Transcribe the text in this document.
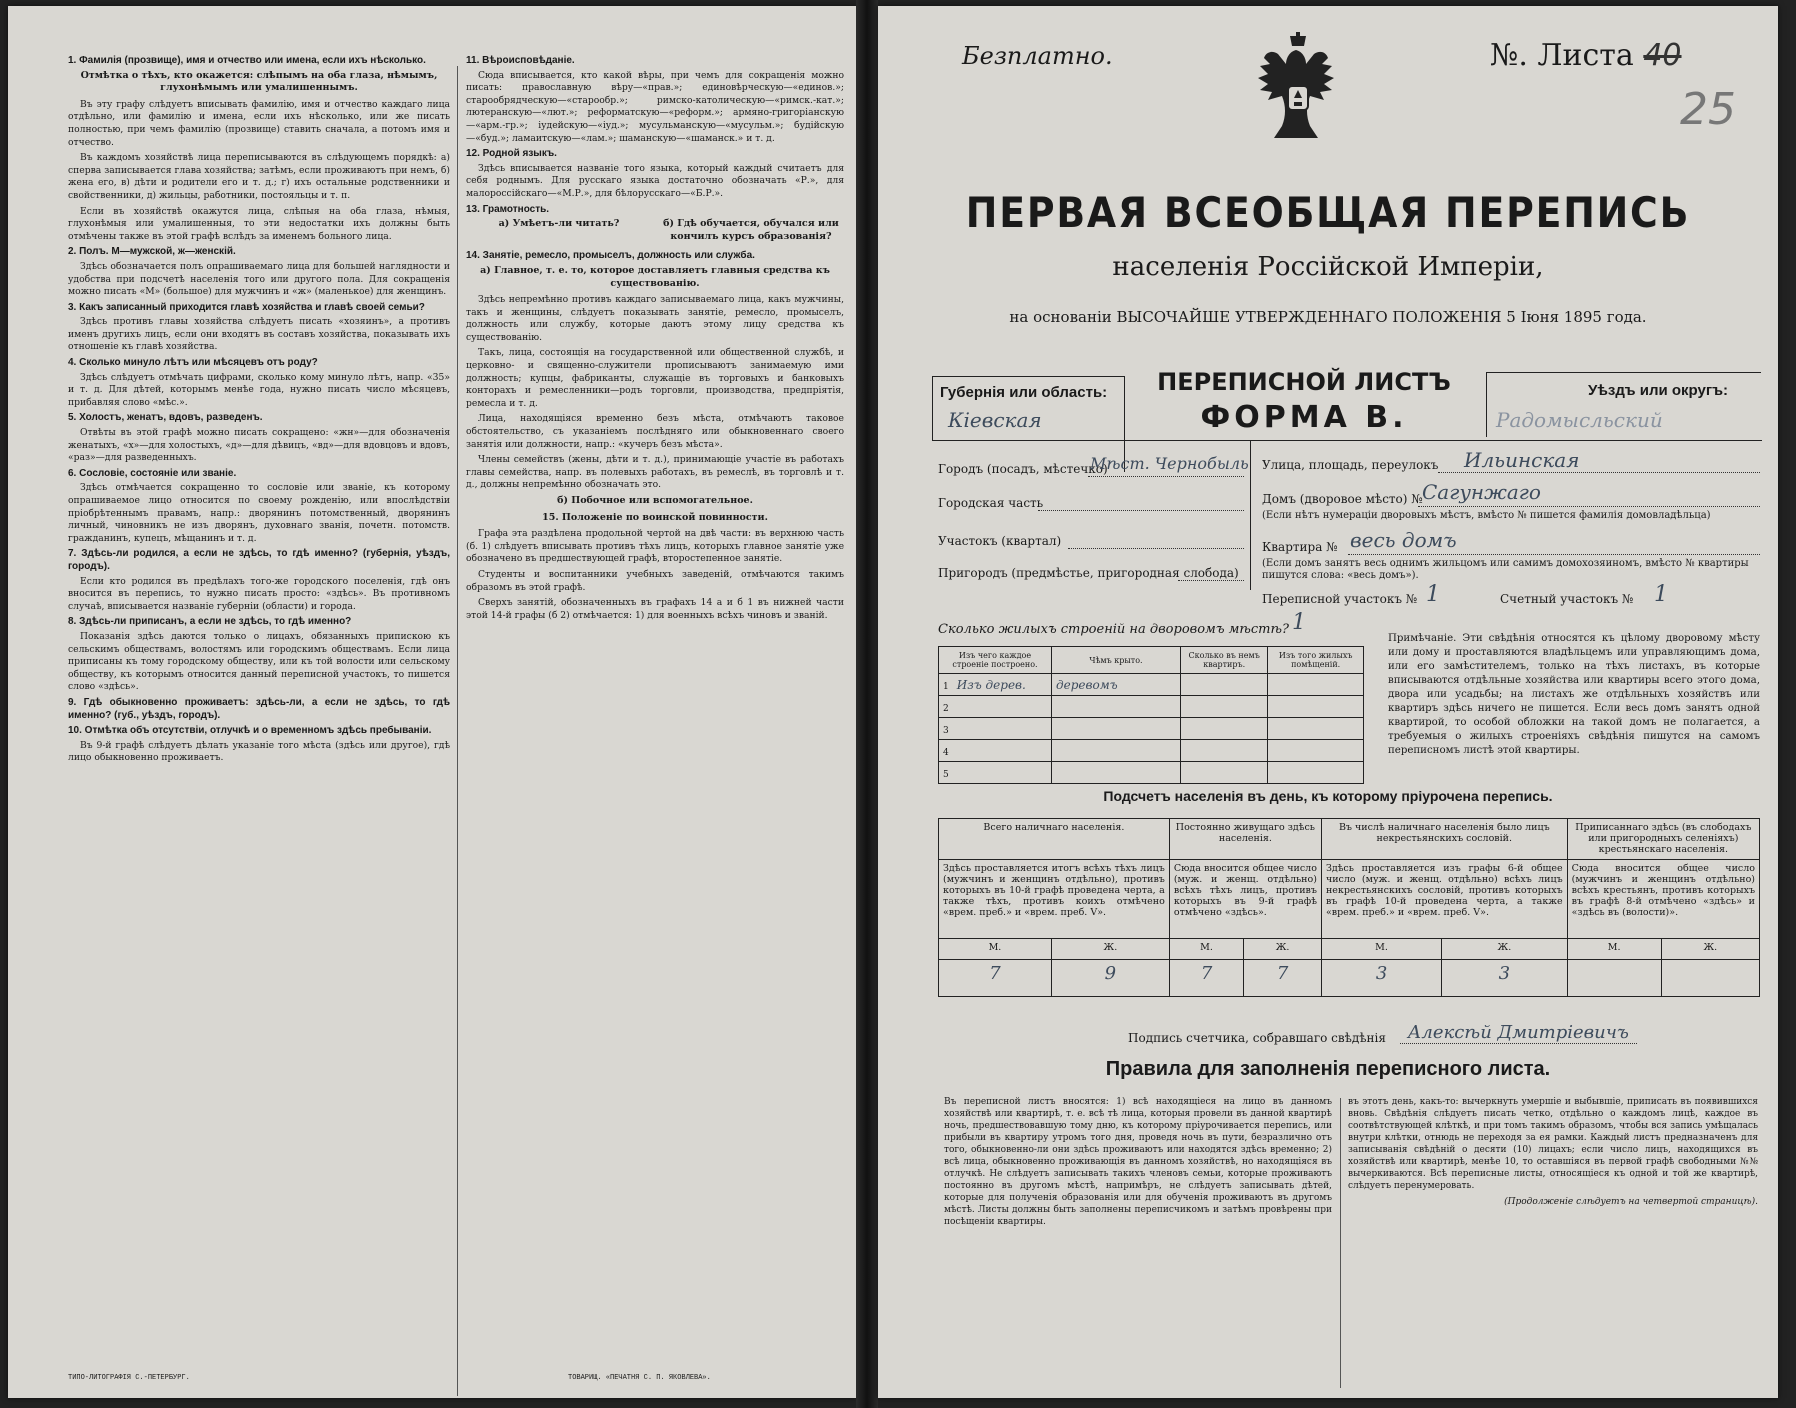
1. Фамилія (прозвище), имя и отчество или имена, если ихъ нѣсколько.
Отмѣтка о тѣхъ, кто окажется: слѣпымъ на оба глаза, нѣмымъ, глухонѣмымъ или умалишеннымъ.

Въ эту графу слѣдуетъ вписывать фамилію, имя и отчество каждаго лица отдѣльно, или фамилію и имена, если ихъ нѣсколько, или же писать полностью, при чемъ фамилію (прозвище) ставить сначала, а потомъ имя и отчество.

Въ каждомъ хозяйствѣ лица переписываются въ слѣдующемъ порядкѣ: а) сперва записывается глава хозяйства; затѣмъ, если проживаютъ при немъ, б) жена его, в) дѣти и родители его и т. д.; г) ихъ остальные родственники и свойственники, д) жильцы, работники, постояльцы и т. п.

Если въ хозяйствѣ окажутся лица, слѣпыя на оба глаза, нѣмыя, глухонѣмыя или умалишенныя, то эти недостатки ихъ должны быть отмѣчены также въ этой графѣ вслѣдъ за именемъ больного лица.

2. Полъ. М—мужской, ж—женскій.

Здѣсь обозначается полъ опрашиваемаго лица для большей наглядности и удобства при подсчетѣ населенія того или другого пола. Для сокращенія можно писать «М» (большое) для мужчинъ и «ж» (маленькое) для женщинъ.

3. Какъ записанный приходится главѣ хозяйства и главѣ своей семьи?

Здѣсь противъ главы хозяйства слѣдуетъ писать «хозяинъ», а противъ именъ другихъ лицъ, если они входятъ въ составъ хозяйства, показывать ихъ отношеніе къ главѣ хозяйства.

4. Сколько минуло лѣтъ или мѣсяцевъ отъ роду?

Здѣсь слѣдуетъ отмѣчать цифрами, сколько кому минуло лѣтъ, напр. «35» и т. д. Для дѣтей, которымъ менѣе года, нужно писать число мѣсяцевъ, прибавляя слово «мѣс.».

5. Холостъ, женатъ, вдовъ, разведенъ.

Отвѣты въ этой графѣ можно писать сокращено: «жн»—для обозначенія женатыхъ, «х»—для холостыхъ, «д»—для дѣвицъ, «вд»—для вдовцовъ и вдовъ, «раз»—для разведенныхъ.

6. Сословіе, состояніе или званіе.

Здѣсь отмѣчается сокращенно то сословіе или званіе, къ которому опрашиваемое лицо относится по своему рожденію, или впослѣдствіи пріобрѣтеннымъ правамъ, напр.: дворянинъ потомственный, дворянинъ личный, чиновникъ не изъ дворянъ, духовнаго званія, почетн. потомств. гражданинъ, купецъ, мѣщанинъ и т. д.

7. Здѣсь-ли родился, а если не здѣсь, то гдѣ именно? (губернія, уѣздъ, городъ).

Если кто родился въ предѣлахъ того-же городского поселенія, гдѣ онъ вносится въ перепись, то нужно писать просто: «здѣсь». Въ противномъ случаѣ, вписывается названіе губерніи (области) и города.

8. Здѣсь-ли приписанъ, а если не здѣсь, то гдѣ именно?

Показанія здѣсь даются только о лицахъ, обязанныхъ припискою къ сельскимъ обществамъ, волостямъ или городскимъ обществамъ. Если лица приписаны къ тому городскому обществу, или къ той волости или сельскому обществу, къ которымъ относится данный переписной участокъ, то пишется слово «здѣсь».

9. Гдѣ обыкновенно проживаетъ: здѣсь-ли, а если не здѣсь, то гдѣ именно? (губ., уѣздъ, городъ).
10. Отмѣтка объ отсутствіи, отлучкѣ и о временномъ здѣсь пребываніи.

Въ 9-й графѣ слѣдуетъ дѣлать указаніе того мѣста (здѣсь или другое), гдѣ лицо обыкновенно проживаетъ.

11. Вѣроисповѣданіе.

Сюда вписывается, кто какой вѣры, при чемъ для сокращенія можно писать: православную вѣру—«прав.»; единовѣрческую—«единов.»; старообрядческую—«старообр.»; римско-католическую—«римск.-кат.»; лютеранскую—«лют.»; реформатскую—«реформ.»; армяно-григоріанскую—«арм.-гр.»; іудейскую—«іуд.»; мусульманскую—«мусульм.»; будійскую—«буд.»; ламаитскую—«лам.»; шаманскую—«шаманск.» и т. д.

12. Родной языкъ.

Здѣсь вписывается названіе того языка, который каждый считаетъ для себя роднымъ. Для русскаго языка достаточно обозначать «Р.», для малороссійскаго—«М.Р.», для бѣлорусскаго—«Б.Р.».

13. Грамотность.
а) Умѣетъ-ли читать?	б) Гдѣ обучается, обучался или кончилъ курсъ образованія?
14. Занятіе, ремесло, промыселъ, должность или служба.
а) Главное, т. е. то, которое доставляетъ главныя средства къ существованію.

Здѣсь непремѣнно противъ каждаго записываемаго лица, какъ мужчины, такъ и женщины, слѣдуетъ показывать занятіе, ремесло, промыселъ, должность или службу, которые даютъ этому лицу средства къ существованію.

Такъ, лица, состоящія на государственной или общественной службѣ, и церковно- и священно-служители прописываютъ занимаемую ими должность; купцы, фабриканты, служащіе въ торговыхъ и банковыхъ конторахъ и ремесленники—родъ торговли, производства, предпріятія, ремесла и т. д.

Лица, находящіяся временно безъ мѣста, отмѣчаютъ таковое обстоятельство, съ указаніемъ послѣдняго или обыкновеннаго своего занятія или должности, напр.: «кучеръ безъ мѣста».

Члены семействъ (жены, дѣти и т. д.), принимающіе участіе въ работахъ главы семейства, напр. въ полевыхъ работахъ, въ ремеслѣ, въ торговлѣ и т. д., должны непремѣнно обозначать это.

б) Побочное или вспомогательное.
15. Положеніе по воинской повинности.

Графа эта раздѣлена продольной чертой на двѣ части: въ верхнюю часть (б. 1) слѣдуетъ вписывать противъ тѣхъ лицъ, которыхъ главное занятіе уже обозначено въ предшествующей графѣ, второстепенное занятіе.

Студенты и воспитанники учебныхъ заведеній, отмѣчаются такимъ образомъ въ этой графѣ.

Сверхъ занятій, обозначенныхъ въ графахъ 14 а и б 1 въ нижней части этой 14-й графы (б 2) отмѣчается: 1) для военныхъ всѣхъ чиновъ и званій.

ТИПО-ЛИТОГРАФІЯ С.-ПЕТЕРБУРГ.	ТОВАРИЩ. «ПЕЧАТНЯ С. П. ЯКОВЛЕВА».
Безплатно.	№. Листа 40
25
ПЕРВАЯ ВСЕОБЩАЯ ПЕРЕПИСЬ
населенія Россійской Имперіи,
на основаніи ВЫСОЧАЙШЕ УТВЕРЖДЕННАГО ПОЛОЖЕНІЯ 5 Іюня 1895 года.
Губернія или область:
Кiевская
ПЕРЕПИСНОЙ ЛИСТЪ
ФОРМА В.
Уѣздъ или округъ:
Радомысльский
Городъ (посадъ, мѣстечко)
Мѣст. Чернобыль
Городская часть
Участокъ (квартал)
Пригородъ (предмѣстье, пригородная слобода)
Улица, площадь, переулокъ Ильинская
Домъ (дворовое мѣсто) № Сагунжаго
(Если нѣтъ нумераціи дворовыхъ мѣстъ, вмѣсто № пишется фамилія домовладѣльца)
Квартира № весь домъ
(Если домъ занятъ весь однимъ жильцомъ или самимъ домохозяиномъ, вмѣсто № квартиры пишутся слова: «весь домъ»).
Переписной участокъ № 1	Счетный участокъ № 1
Сколько жилыхъ строеній на дворовомъ мѣстѣ? 1
Изъ чего каждое строеніе построено.	Чѣмъ крыто.	Сколько въ немъ квартиръ.	Изъ того жилыхъ помѣщеній.
1 Изъ дерев.	деревомъ		
2			
3			
4			
5			
Примѣчаніе. Эти свѣдѣнія относятся къ цѣлому дворовому мѣсту или дому и проставляются владѣльцемъ или управляющимъ дома, или его замѣстителемъ, только на тѣхъ листахъ, въ которые вписываются отдѣльные хозяйства или квартиры всего этого дома, двора или усадьбы; на листахъ же отдѣльныхъ хозяйствъ или квартиръ здѣсь ничего не пишется. Если весь домъ занятъ одной квартирой, то особой обложки на такой домъ не полагается, а требуемыя о жилыхъ строеніяхъ свѣдѣнія пишутся на самомъ переписномъ листѣ этой квартиры.
Подсчетъ населенія въ день, къ которому пріурочена перепись.
Всего наличнаго населенія.		Постоянно живущаго здѣсь населенія.		Въ числѣ наличнаго населенія было лицъ некрестьянскихъ сословій.		Приписаннаго здѣсь (въ слободахъ или пригородныхъ селеніяхъ) крестьянскаго населенія.	
Здѣсь проставляется итогъ всѣхъ тѣхъ лицъ (мужчинъ и женщинъ отдѣльно), противъ которыхъ въ 10-й графѣ проведена черта, а также тѣхъ, противъ коихъ отмѣчено «врем. преб.» и «врем. преб. V».		Сюда вносится общее число (муж. и женщ. отдѣльно) всѣхъ тѣхъ лицъ, противъ которыхъ въ 9-й графѣ отмѣчено «здѣсь».		Здѣсь проставляется изъ графы 6-й общее число (муж. и женщ. отдѣльно) всѣхъ лицъ некрестьянскихъ сословій, противъ которыхъ въ графѣ 10-й проведена черта, а также «врем. преб.» и «врем. преб. V».		Сюда вносится общее число (мужчинъ и женщинъ отдѣльно) всѣхъ крестьянъ, противъ которыхъ въ графѣ 8-й отмѣчено «здѣсь» и «здѣсь въ (волости)».	
М.	Ж.	М.	Ж.	М.	Ж.	М.	Ж.
7	9	7	7	3	3		
Подпись счетчика, собравшаго свѣдѣнія Алексѣй Дмитріевичъ
Правила для заполненія переписного листа.
Въ переписной листъ вносятся: 1) всѣ находящіеся на лицо въ данномъ хозяйствѣ или квартирѣ, т. е. всѣ тѣ лица, которыя провели въ данной квартирѣ ночь, предшествовавшую тому дню, къ которому пріурочивается перепись, или прибыли въ квартиру утромъ того дня, проведя ночь въ пути, безразлично отъ того, обыкновенно-ли они здѣсь проживаютъ или находятся здѣсь временно; 2) всѣ лица, обыкновенно проживающія въ данномъ хозяйствѣ, но находящіяся въ отлучкѣ. Не слѣдуетъ записывать такихъ членовъ семьи, которые проживаютъ постоянно въ другомъ мѣстѣ, напримѣръ, не слѣдуетъ записывать дѣтей, которые для полученія образованія или для обученія проживаютъ въ другомъ мѣстѣ. Листы должны быть заполнены переписчикомъ и затѣмъ провѣрены при посѣщеніи квартиры.
въ этотъ день, какъ-то: вычеркнуть умершіе и выбывшіе, приписать въ появившихся вновь. Свѣдѣнія слѣдуетъ писать четко, отдѣльно о каждомъ лицѣ, каждое въ соотвѣтствующей клѣткѣ, и при томъ такимъ образомъ, чтобы вся запись умѣщалась внутри клѣтки, отнюдь не переходя за ея рамки. Каждый листъ предназначенъ для записыванія свѣдѣній о десяти (10) лицахъ; если число лицъ, находящихся въ хозяйствѣ или квартирѣ, менѣе 10, то оставшіяся въ первой графѣ свободными №№ вычеркиваются. Всѣ переписные листы, относящіеся къ одной и той же квартирѣ, слѣдуетъ перенумеровать.
(Продолженіе слѣдуетъ на четвертой страницѣ).
